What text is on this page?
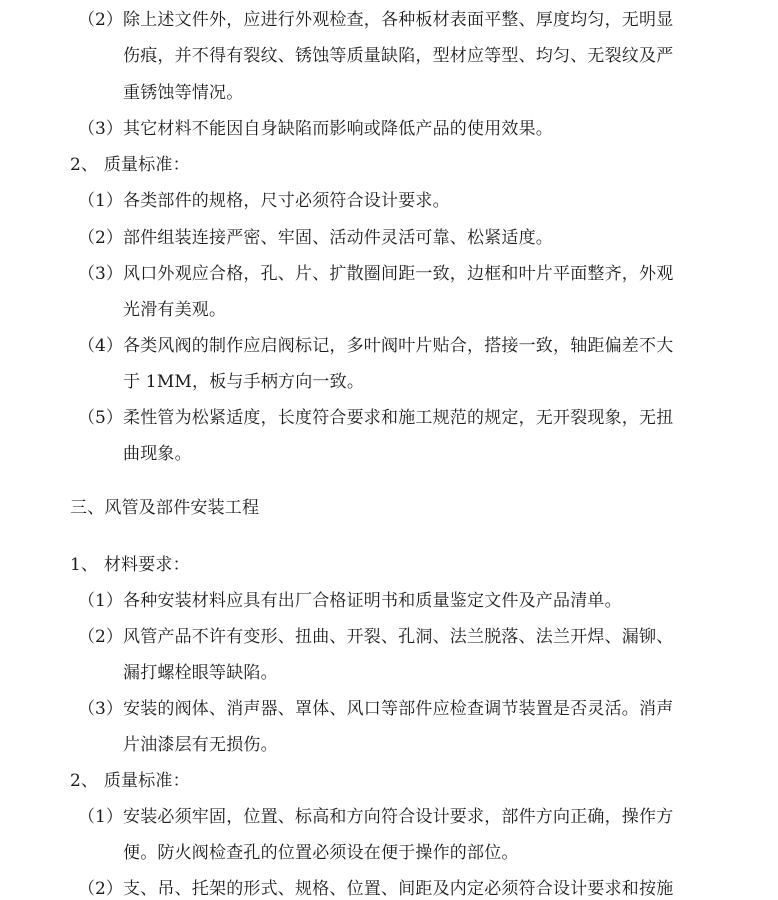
（2） 除上述文件外，应进行外观检查，各种板材表面平整、厚度均匀，无明显
伤痕，并不得有裂纹、锈蚀等质量缺陷，型材应等型、均匀、无裂纹及严
重锈蚀等情况。
（3） 其它材料不能因自身缺陷而影响或降低产品的使用效果。
2、 质量标准：
（1） 各类部件的规格，尺寸必须符合设计要求。
（2） 部件组装连接严密、牢固、活动件灵活可靠、松紧适度。
（3） 风口外观应合格，孔、片、扩散圈间距一致，边框和叶片平面整齐，外观
光滑有美观。
（4） 各类风阀的制作应启阀标记，多叶阀叶片贴合，搭接一致，轴距偏差不大
于 1MM，板与手柄方向一致。
（5） 柔性管为松紧适度，长度符合要求和施工规范的规定，无开裂现象，无扭
曲现象。
三、风管及部件安装工程
1、 材料要求：
（1） 各种安装材料应具有出厂合格证明书和质量鉴定文件及产品清单。
（2） 风管产品不许有变形、扭曲、开裂、孔洞、法兰脱落、法兰开焊、漏铆、
漏打螺栓眼等缺陷。
（3） 安装的阀体、消声器、罩体、风口等部件应检查调节装置是否灵活。消声
片油漆层有无损伤。
2、 质量标准：
（1） 安装必须牢固，位置、标高和方向符合设计要求，部件方向正确，操作方
便。防火阀检查孔的位置必须设在便于操作的部位。
（2） 支、吊、托架的形式、规格、位置、间距及内定必须符合设计要求和按施
